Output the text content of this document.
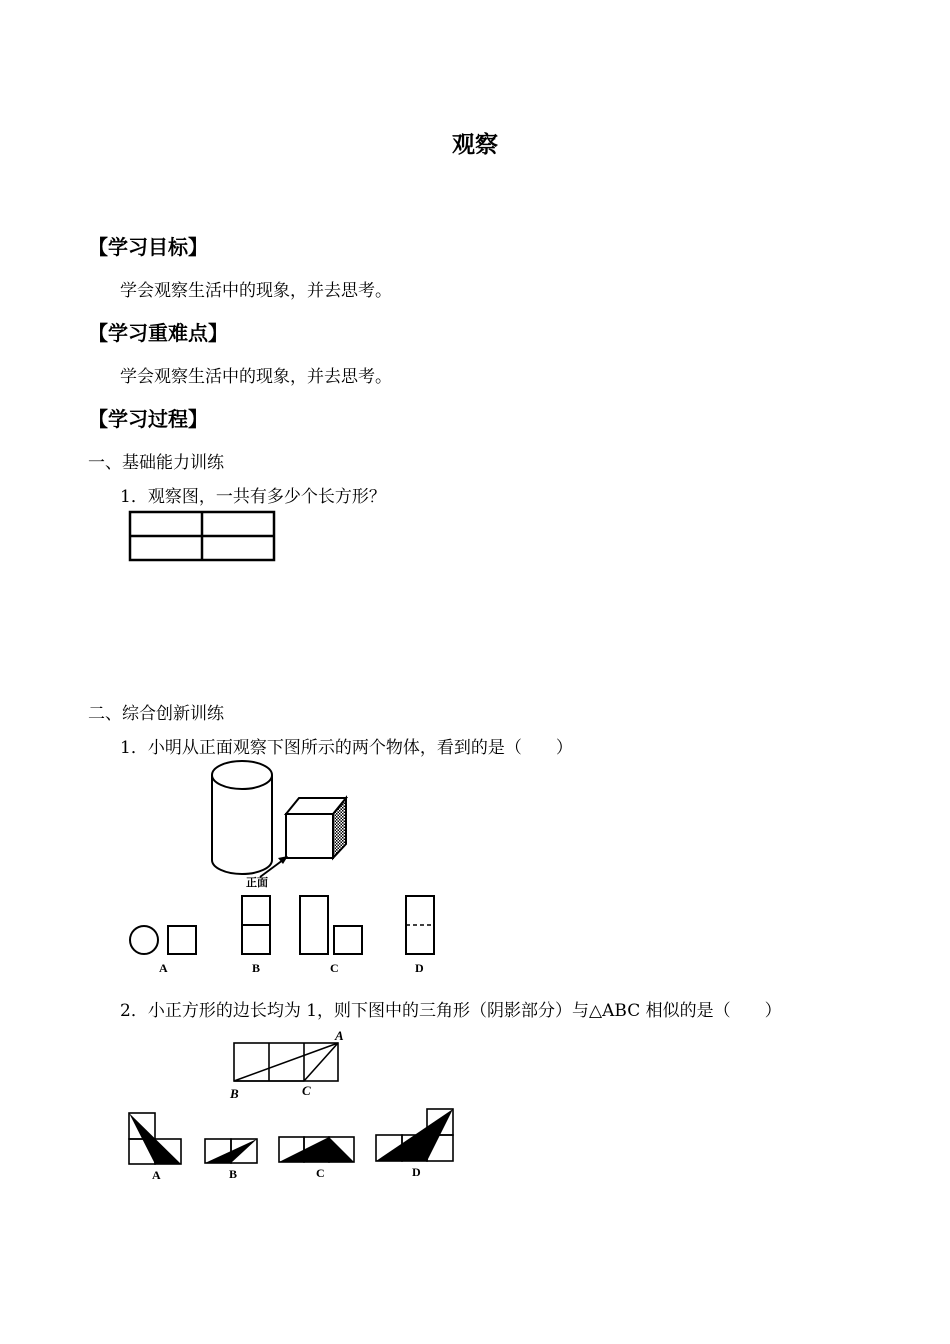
观察
【学习目标】
学会观察生活中的现象，并去思考。
【学习重难点】
学会观察生活中的现象，并去思考。
【学习过程】
一、基础能力训练
1．观察图，一共有多少个长方形？
二、综合创新训练
1．小明从正面观察下图所示的两个物体，看到的是（　　）
正面
A	B	C	D
2．小正方形的边长均为 1，则下图中的三角形（阴影部分）与△ABC 相似的是（　　）
A
B	C
A	B	C	D
